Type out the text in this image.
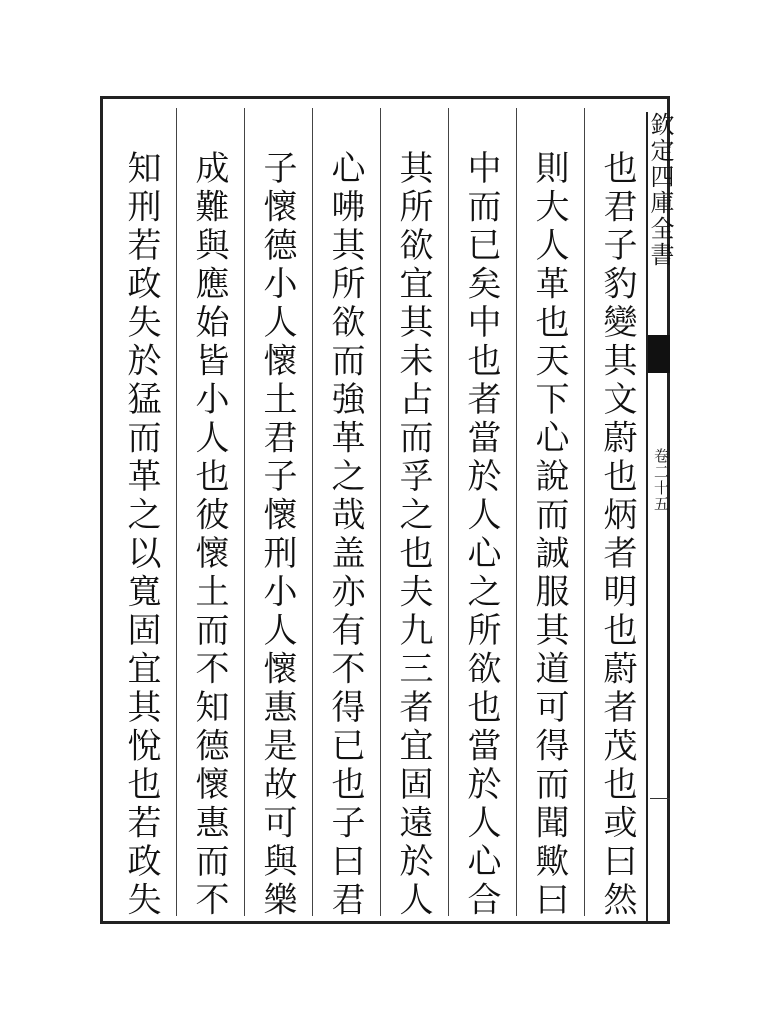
欽定四庫全書
卷二十五
也君子豹變其文蔚也炳者明也蔚者茂也或曰然
則大人革也天下心說而誠服其道可得而聞歟曰
中而已矣中也者當於人心之所欲也當於人心合
其所欲宜其未占而孚之也夫九三者宜固遠於人
心咈其所欲而強革之哉盖亦有不得已也子曰君
子懷德小人懷土君子懷刑小人懷惠是故可與樂
成難與應始皆小人也彼懷土而不知德懷惠而不
知刑若政失於猛而革之以寬固宜其悅也若政失
